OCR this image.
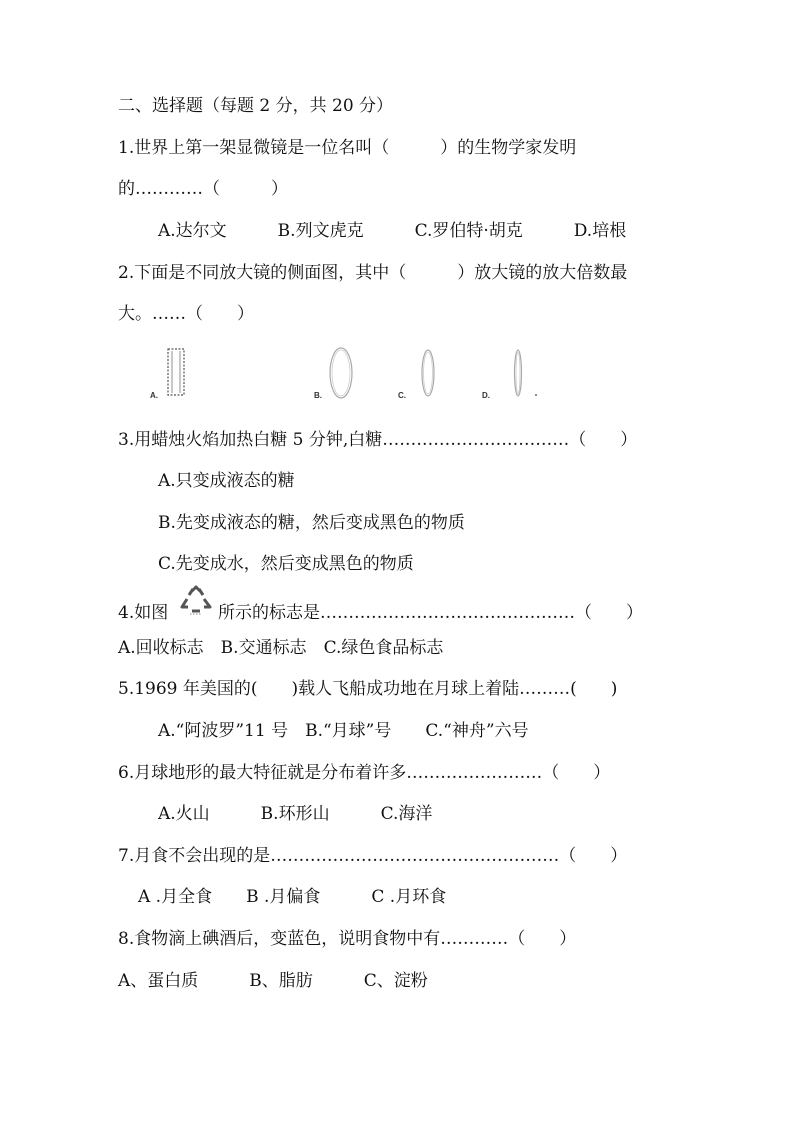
二、选择题（每题 2 分，共 20 分）
1.世界上第一架显微镜是一位名叫（　　　）的生物学家发明
的…………（　　　）
A.达尔文　　　B.列文虎克　　　C.罗伯特·胡克　　　D.培根
2.下面是不同放大镜的侧面图，其中（　　　）放大镜的放大倍数最
大。……（　　）
A.	B.	C.	D.
3.用蜡烛火焰加热白糖 5 分钟,白糖……………………………（　　）
A.只变成液态的糖
B.先变成液态的糖，然后变成黑色的物质
C.先变成水，然后变成黑色的物质
4.如图	所示的标志是………………………………………（　　）
A.回收标志　B.交通标志　C.绿色食品标志
5.1969 年美国的(　　)载人飞船成功地在月球上着陆………(　　)
A.“阿波罗”11 号　B.“月球”号　　C.“神舟”六号
6.月球地形的最大特征就是分布着许多……………………（　　）
A.火山　　　B.环形山　　　C.海洋
7.月食不会出现的是……………………………………………（　　）
A .月全食　　B .月偏食　　　C .月环食
8.食物滴上碘酒后，变蓝色，说明食物中有…………（　　）
A、蛋白质　　　B、脂肪　　　C、淀粉
